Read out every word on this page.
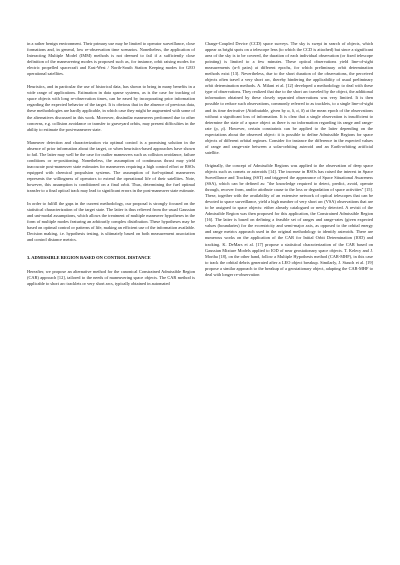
in a rather benign environment. Their primary use may be limited to operator surveillance, close formations and, in general, low re-observation time scenarios. Nonetheless, the application of Interacting Multiple Model (IMM) methods is not deemed to fail if a sufficiently close definition of the maneuvering modes is proposed such as, for instance, orbit raising modes for electric propelled spacecraft and East-West / North-South Station Keeping modes for GEO operational satellites.

Heuristics, and in particular the use of historical data, has shown to bring in many benefits in a wide range of applications. Estimation in data sparse systems, as is the case for tracking of space objects with long re-observation times, can be eased by incorporating prior information regarding the expected behavior of the target. It is obvious that in the absence of previous data, these methodologies are hardly applicable, in which case they might be augmented with some of the alternatives discussed in this work. Moreover, dissimilar maneuvers performed due to other concerns, e.g. collision avoidance or transfer to graveyard orbits, may present difficulties in the ability to estimate the post-maneuver state.

Maneuver detection and characterization via optimal control is a promising solution in the absence of prior information about the target, or when heuristics-based approaches have shown to fail. The latter may well be the case for outlier maneuvers such as collision avoidance, failure conditions or re-positioning. Nonetheless, the assumption of continuous thrust may yield inaccurate post-maneuver state estimates for maneuvers requiring a high control effort or RSOs equipped with chemical propulsion systems. The assumption of fuel-optimal maneuvers represents the willingness of operators to extend the operational life of their satellites. Note, however, this assumption is conditioned on a final orbit. Thus, determining the fuel optimal transfer to a final optical track may lead to significant errors in the post-maneuver state estimate.

In order to fulfill the gaps in the current methodology, our proposal is strongly focused on the statistical characterization of the target state. The latter is thus relieved from the usual Gaussian and uni-modal assumptions, which allows the treatment of multiple maneuver hypotheses in the form of multiple modes featuring an arbitrarily complex distribution. These hypotheses may be based on optimal control or patterns of life, making an efficient use of the information available. Decision making, i.e. hypothesis testing, is ultimately based on both measurement association and control distance metrics.

3. ADMISSIBLE REGION BASED ON CONTROL DISTANCE

Hereafter, we propose an alternative method for the canonical Constrained Admissible Region (CAR) approach [12], tailored to the needs of maneuvering space objects. The CAR method is applicable to short arc tracklets or very short arcs, typically obtained in automated

Charge-Coupled Device (CCD) space surveys. The sky is swept in search of objects, which appear as bright spots on a telescope lens (to which the CCD is attached) but since a significant area of the sky is to be covered, the duration of each individual observation (or fixed telescope pointing) is limited to a few minutes. These optical observations yield line-of-sight measurements (α-δ pairs) at different epochs, for which preliminary orbit determination methods exist [13]. Nevertheless, due to the short duration of the observations, the perceived objects often travel a very short arc, thereby hindering the applicability of usual preliminary orbit determination methods. A. Milani et al. [12] developed a methodology to deal with these type of observations. They realized that due to the short arc traveled by the object, the additional information obtained by these closely separated observations was very limited. It is then possible to reduce such observations, commonly referred to as tracklets, to a single line-of-sight and its time derivative (Attributable, given by α, δ, α̇, δ̇) at the mean epoch of the observations without a significant loss of information. It is clear that a single observation is insufficient to determine the state of a space object as there is no information regarding its range and range-rate (ρ, ρ̇). However, certain constraints can be applied to the latter depending on the expectations about the observed object: it is possible to define Admissible Regions for space objects of different orbital regimes. Consider for instance the difference in the expected values of range and range-rate between a solar-orbiting asteroid and an Earth-orbiting artificial satellite.

Originally, the concept of Admissible Regions was applied to the observation of deep space objects such as comets or asteroids [14]. The increase in RSOs has raised the interest in Space Surveillance and Tracking (SST) and triggered the appearance of Space Situational Awareness (SSA), which can be defined as: "the knowledge required to detect, predict, avoid, operate through, recover from, and/or attribute cause to the loss or degradation of space activities" [15]. These, together with the availability of an extensive network of optical telescopes that can be devoted to space surveillance, yield a high number of very short arc (VSA) observations that are to be assigned to space objects: either already catalogued or newly detected. A revisit of the Admissible Region was then proposed for this application, the Constrained Admissible Region [16]. The latter is based on defining a feasible set of ranges and range-rates (given expected values (boundaries) for the eccentricity and semi-major axis, as opposed to the orbital energy and range metrics approach used in the original methodology to identify asteroids. There are numerous works on the application of the CAR for Initial Orbit Determination (IOD) and tracking. K. DeMars et al. [17] propose a statistical characterization of the CAR based on Gaussian Mixture Models applied to IOD of near geostationary space objects. T. Kelecy and J. Mortha [18], on the other hand, follow a Multiple Hypothesis method (CAR-MHF), in this case to track the orbital debris generated after a LEO object breakup. Similarly, J. Stauch et al. [19] propose a similar approach to the breakup of a geostationary object, adapting the CAR-MHF to deal with longer re-observation
